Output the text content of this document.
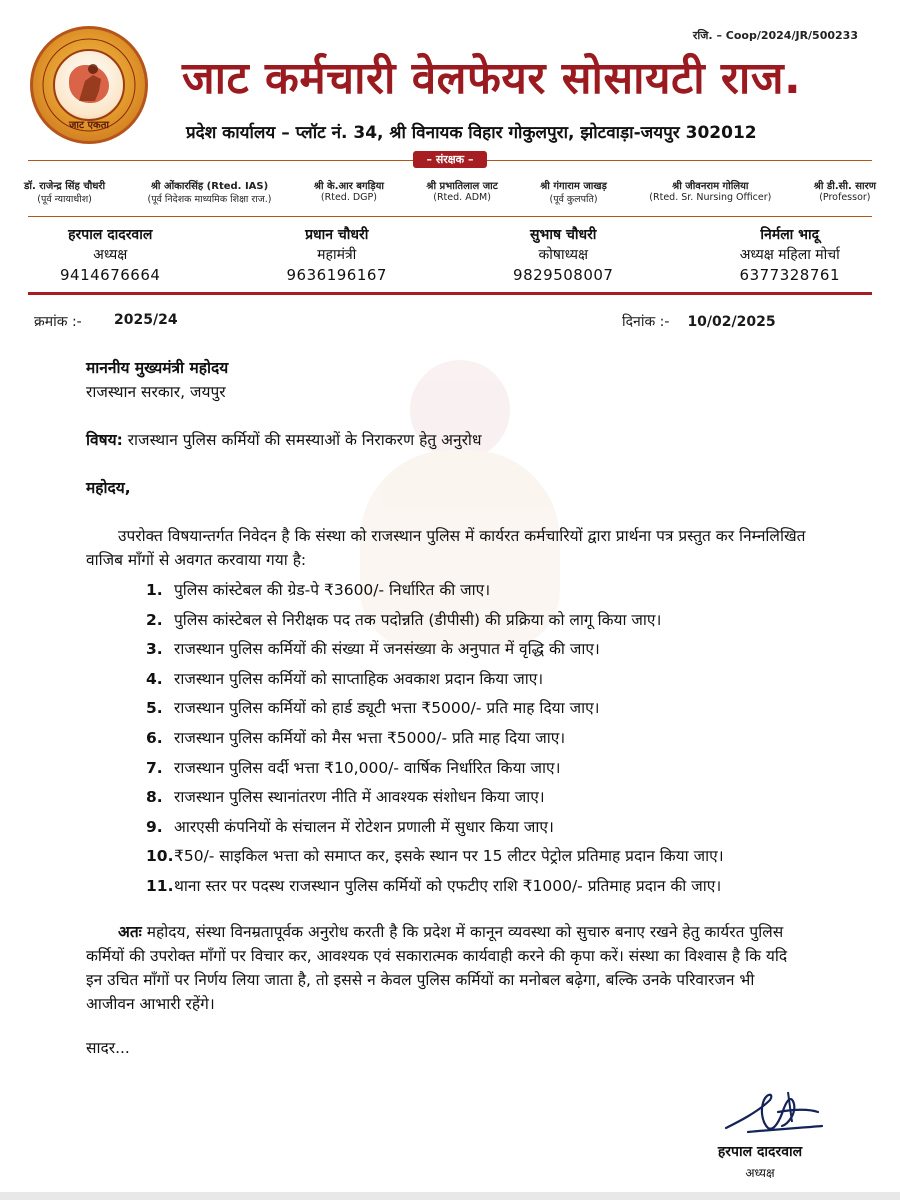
रजि. – Coop/2024/JR/500233
जाट एकता
जाट कर्मचारी वेलफेयर सोसायटी राज.
प्रदेश कार्यालय – प्लॉट नं. 34, श्री विनायक विहार गोकुलपुरा, झोटवाड़ा-जयपुर 302012
– संरक्षक –
डॉ. राजेन्द्र सिंह चौधरी
(पूर्व न्यायाधीश)
श्री ओंकारसिंह (Rted. IAS)
(पूर्व निदेशक माध्यमिक शिक्षा राज.)
श्री के.आर बगड़िया
(Rted. DGP)
श्री प्रभातिलाल जाट
(Rted. ADM)
श्री गंगाराम जाखड़
(पूर्व कुलपति)
श्री जीवनराम गोलिया
(Rted. Sr. Nursing Officer)
श्री डी.सी. सारण
(Professor)
हरपाल दादरवाल
अध्यक्ष
9414676664
प्रधान चौधरी
महामंत्री
9636196167
सुभाष चौधरी
कोषाध्यक्ष
9829508007
निर्मला भादू
अध्यक्ष महिला मोर्चा
6377328761
क्रमांक :- 2025/24	दिनांक :- 10/02/2025
माननीय मुख्यमंत्री महोदय
राजस्थान सरकार, जयपुर
विषय: राजस्थान पुलिस कर्मियों की समस्याओं के निराकरण हेतु अनुरोध
महोदय,
उपरोक्त विषयान्तर्गत निवेदन है कि संस्था को राजस्थान पुलिस में कार्यरत कर्मचारियों द्वारा प्रार्थना पत्र प्रस्तुत कर निम्नलिखित वाजिब माँगों से अवगत करवाया गया है:
1. पुलिस कांस्टेबल की ग्रेड-पे ₹3600/- निर्धारित की जाए।
2. पुलिस कांस्टेबल से निरीक्षक पद तक पदोन्नति (डीपीसी) की प्रक्रिया को लागू किया जाए।
3. राजस्थान पुलिस कर्मियों की संख्या में जनसंख्या के अनुपात में वृद्धि की जाए।
4. राजस्थान पुलिस कर्मियों को साप्ताहिक अवकाश प्रदान किया जाए।
5. राजस्थान पुलिस कर्मियों को हार्ड ड्यूटी भत्ता ₹5000/- प्रति माह दिया जाए।
6. राजस्थान पुलिस कर्मियों को मैस भत्ता ₹5000/- प्रति माह दिया जाए।
7. राजस्थान पुलिस वर्दी भत्ता ₹10,000/- वार्षिक निर्धारित किया जाए।
8. राजस्थान पुलिस स्थानांतरण नीति में आवश्यक संशोधन किया जाए।
9. आरएसी कंपनियों के संचालन में रोटेशन प्रणाली में सुधार किया जाए।
10.₹50/- साइकिल भत्ता को समाप्त कर, इसके स्थान पर 15 लीटर पेट्रोल प्रतिमाह प्रदान किया जाए।
11.थाना स्तर पर पदस्थ राजस्थान पुलिस कर्मियों को एफटीए राशि ₹1000/- प्रतिमाह प्रदान की जाए।
अतः महोदय, संस्था विनम्रतापूर्वक अनुरोध करती है कि प्रदेश में कानून व्यवस्था को सुचारु बनाए रखने हेतु कार्यरत पुलिस कर्मियों की उपरोक्त माँगों पर विचार कर, आवश्यक एवं सकारात्मक कार्यवाही करने की कृपा करें। संस्था का विश्वास है कि यदि इन उचित माँगों पर निर्णय लिया जाता है, तो इससे न केवल पुलिस कर्मियों का मनोबल बढ़ेगा, बल्कि उनके परिवारजन भी आजीवन आभारी रहेंगे।
सादर...
हरपाल दादरवाल
अध्यक्ष
